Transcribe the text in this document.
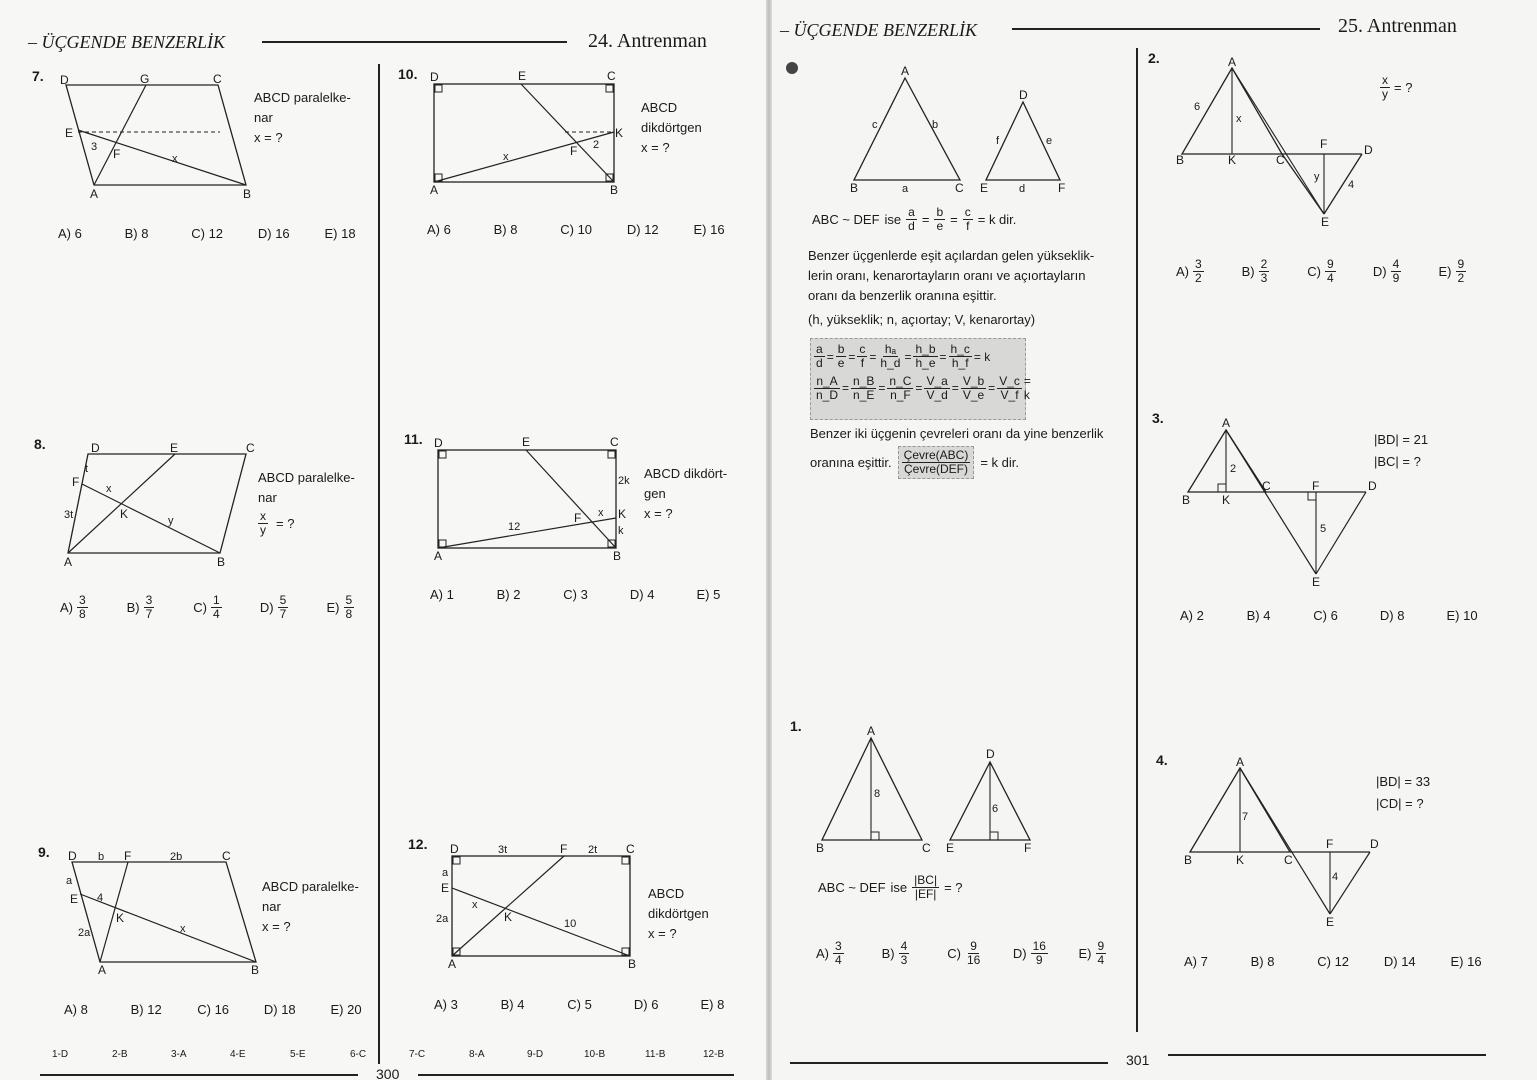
– ÜÇGENDE BENZERLİK	24. Antrenman
7. D	G	C
E
3 F	x
A	B
ABCD paralelke-
nar
x = ?
A) 6	B) 8	C) 12	D) 16	E) 18
8.	D	E	C
F
t
x
3t	K	y
A	B
ABCD paralelke-
nar
$\frac{x}{y}$ = ?
$A) \frac{3}{8}$
	$B) \frac{3}{7}$
	$C) \frac{1}{4}$
	$D) \frac{5}{7}$
	$E) \frac{5}{8}$
9. D b F	2b	C
a
E 4
K
2a	x
A	B
ABCD paralelke-
nar
x = ?
A) 8	B) 12	C) 16	D) 18	E) 20
10. D	E	C
K
F 2
x
A	B
ABCD
dikdörtgen
x = ?
A) 6	B) 8	C) 10	D) 12	E) 16
11. D	E	C
2k
K
k
F x
12
A	B
ABCD dikdört-
gen
x = ?
A) 1	B) 2	C) 3	D) 4	E) 5
12. D	3t	F 2t C
a
E
x
K
2a	10
A	B
ABCD
dikdörtgen
x = ?
A) 3	B) 4	C) 5	D) 6	E) 8
1-D	2-B	3-A	4-E	5-E	6-C	7-C	8-A	9-D	10-B	11-B	12-B
300
– ÜÇGENDE BENZERLİK	25. Antrenman
A
B	C
a
b
c
D
E	F
d
e
f
ABC ~ DEF ise $\frac{a}{d} = \frac{b}{e} = \frac{c}{f} = k$ dir.
Benzer üçgenlerde eşit açılardan gelen yükseklik-
lerin oranı, kenarortayların oranı ve açıortayların
oranı da benzerlik oranına eşittir.
(h, yükseklik; n, açıortay; V, kenarortay)
$\frac{a}{d} = \frac{b}{e} = \frac{c}{f} = \frac{\text{hₐ}}{h\_d} = \frac{h\_b}{h\_e} = \frac{h\_c}{h\_f} = k$
$\frac{n\_A}{n\_D} = \frac{n\_B}{n\_E} = \frac{n\_C}{n\_F} = \frac{V\_a}{V\_d} = \frac{V\_b}{V\_e} = \frac{V\_c}{V\_f} = k$
Benzer iki üçgenin çevreleri oranı da yine benzerlik
oranına eşittir. $\frac{\text{Çevre(ABC)}}{\text{Çevre(DEF)}} = k$ dir.
1.	A
8
B	C
D
6
E	F
ABC ~ DEF ise $\frac{|BC|}{|EF|}$ = ?
$A) \frac{3}{4}$
	$B) \frac{4}{3}$
	$C) \frac{9}{16}$
$D) \frac{16}{9}$
$E) \frac{9}{4}$
2.	A
6
x
B	K	C
F	D
y
4
E
$\frac{x}{y}$ = ?
$A) \frac{3}{2}$
	$B) \frac{2}{3}$
	$C) \frac{9}{4}$
	$D) \frac{4}{9}$
	$E) \frac{9}{2}$
3.	A
2
B	K
C	F	D
5
E
|BD| = 21
|BC| = ?
A) 2	B) 4	C) 6	D) 8	E) 10
4.	A
7
B	K	C
F	D
4
E
|BD| = 33
|CD| = ?
A) 7	B) 8	C) 12	D) 14	E) 16
301
